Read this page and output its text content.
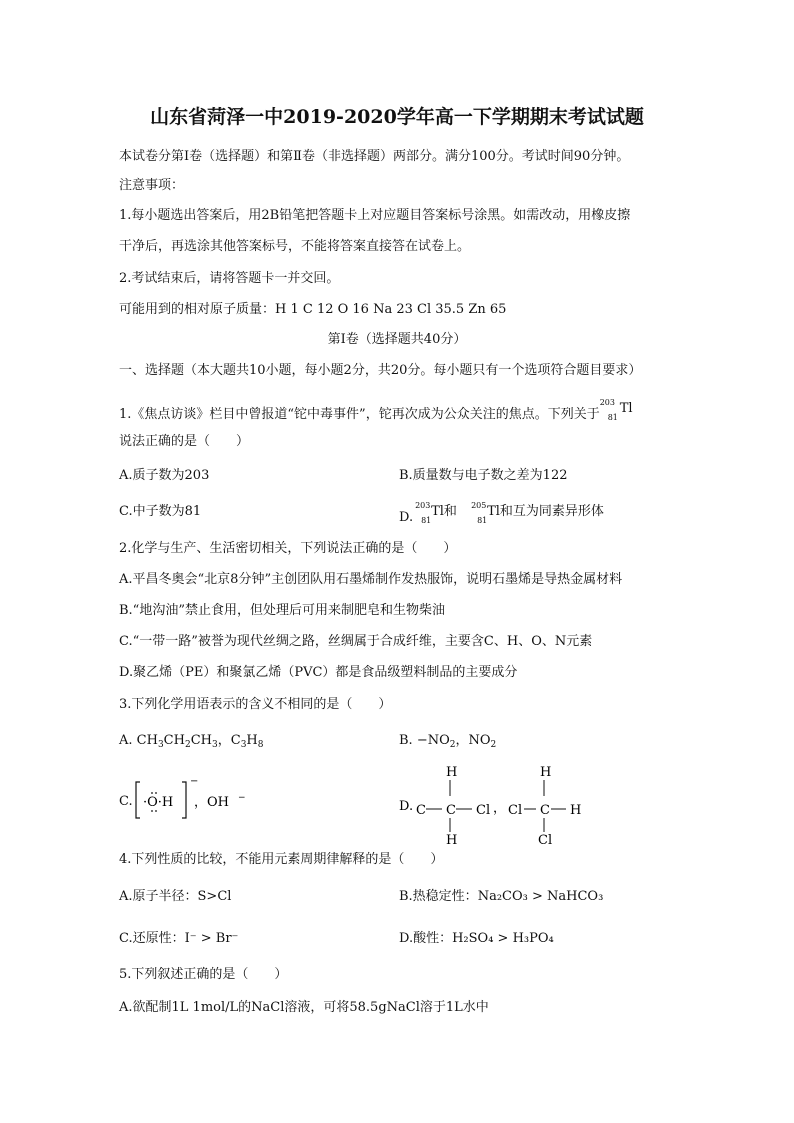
山东省菏泽一中2019-2020学年高一下学期期末考试试题
本试卷分第Ⅰ卷（选择题）和第Ⅱ卷（非选择题）两部分。满分100分。考试时间90分钟。
注意事项：
1.每小题选出答案后，用2B铅笔把答题卡上对应题目答案标号涂黑。如需改动，用橡皮擦
干净后，再选涂其他答案标号，不能将答案直接答在试卷上。
2.考试结束后，请将答题卡一并交回。
可能用到的相对原子质量：H 1 C 12 O 16 Na 23 Cl 35.5 Zn 65
第Ⅰ卷（选择题共40分）
一、选择题（本大题共10小题，每小题2分，共20分。每小题只有一个选项符合题目要求）
1.《焦点访谈》栏目中曾报道“铊中毒事件”，铊再次成为公众关注的焦点。下列关于
203
81
Tl
说法正确的是（　　）
A.质子数为203	B.质量数与电子数之差为122
C.中子数为81	D.
203
81
Tl和 205
81
Tl和互为同素异形体
2.化学与生产、生活密切相关，下列说法正确的是（　　）
A.平昌冬奥会“北京8分钟”主创团队用石墨烯制作发热服饰，说明石墨烯是导热金属材料
B.“地沟油”禁止食用，但处理后可用来制肥皂和生物柴油
C.“一带一路”被誉为现代丝绸之路，丝绸属于合成纤维，主要含C、H、O、N元素
D.聚乙烯（PE）和聚氯乙烯（PVC）都是食品级塑料制品的主要成分
3.下列化学用语表示的含义不相同的是（　　）
A. $CH_3CH_2CH_3$，$C_3H_8$	B. $-NO_2$，$NO_2$
C.
−
·O·H ，OH −
D.
H
C C Cl
H
，
H
Cl C H
Cl
4.下列性质的比较，不能用元素周期律解释的是（　　）
A.原子半径：S>Cl	B.热稳定性：Na₂CO₃ > NaHCO₃
C.还原性：I⁻ > Br⁻	D.酸性：H₂SO₄ > H₃PO₄
5.下列叙述正确的是（　　）
A.欲配制1L 1mol/L的NaCl溶液，可将58.5gNaCl溶于1L水中
